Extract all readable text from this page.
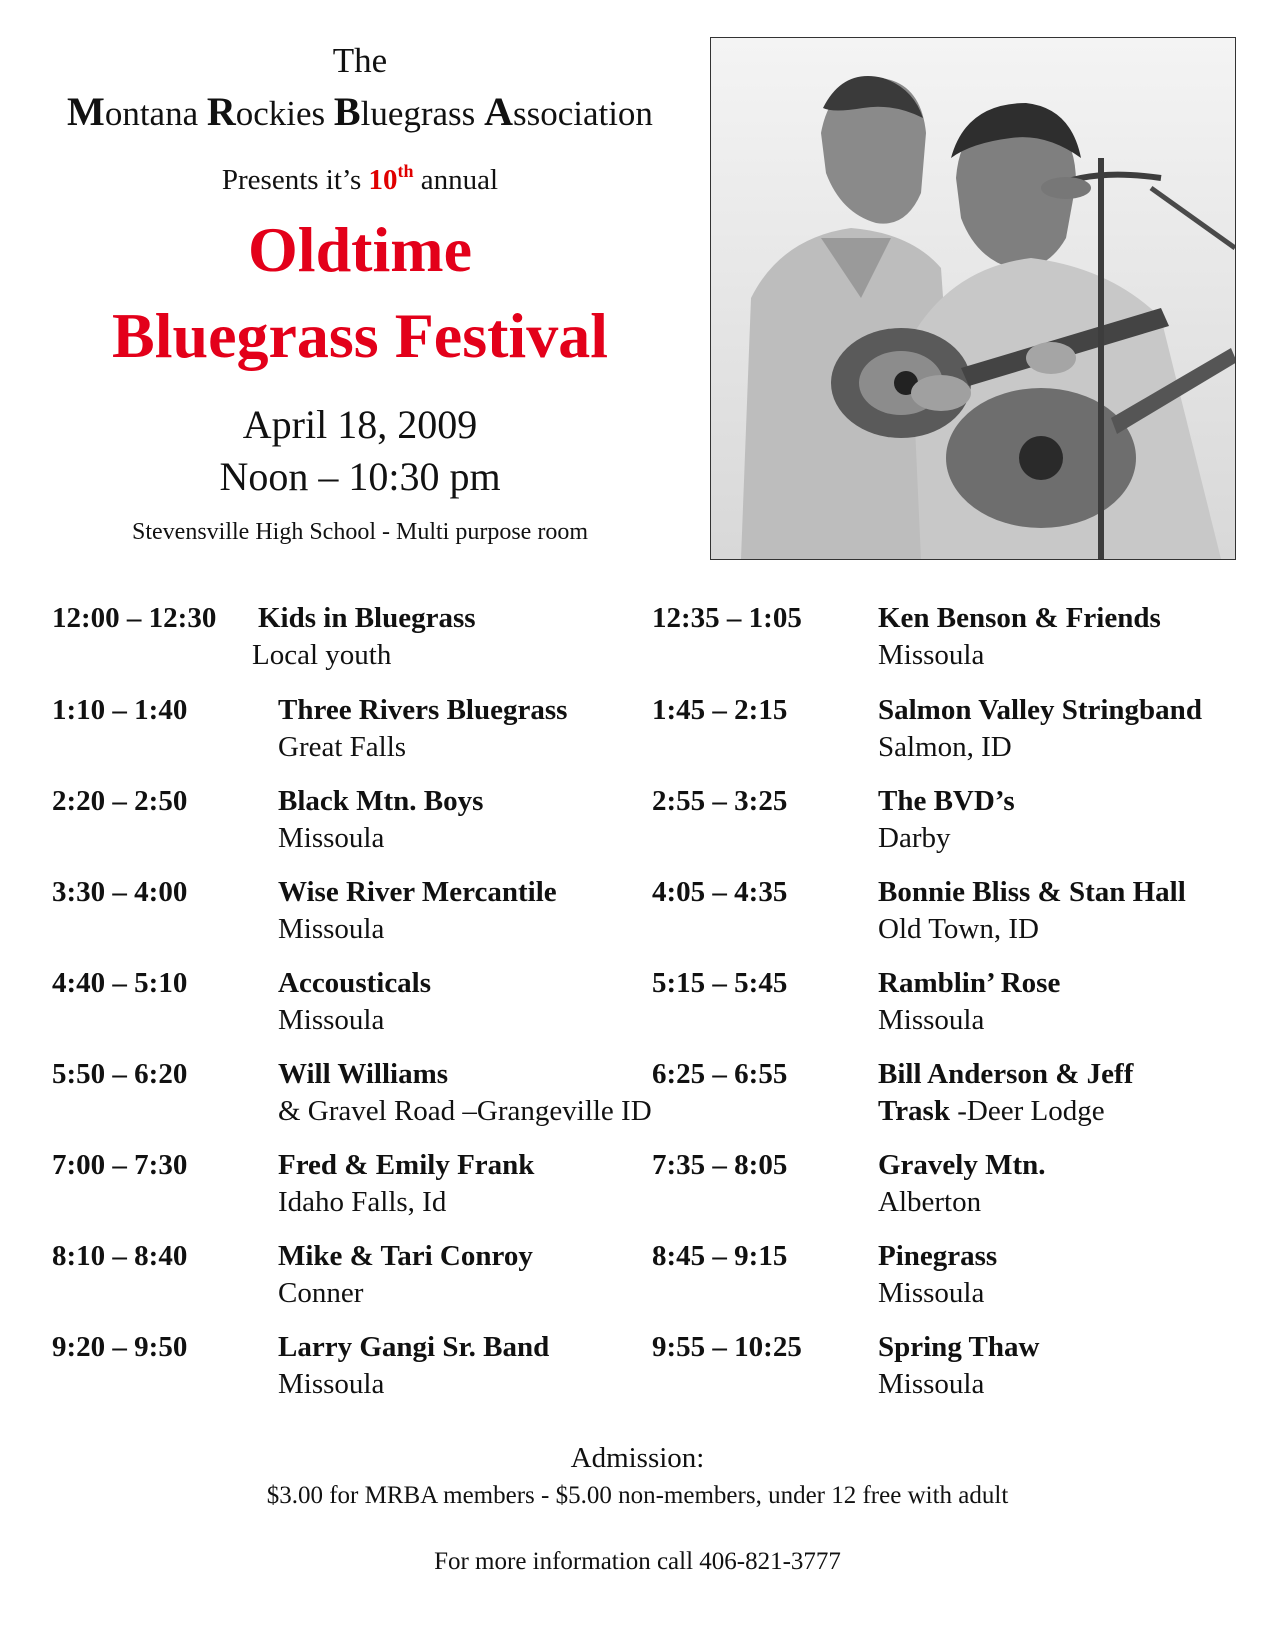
The
Montana Rockies Bluegrass Association
Presents it’s 10th annual
Oldtime
Bluegrass Festival
April 18, 2009
Noon – 10:30 pm
Stevensville High School - Multi purpose room
12:00 – 12:30 Kids in Bluegrass
Local youth
12:35 – 1:05	Ken Benson & Friends
Missoula
1:10 – 1:40	Three Rivers Bluegrass
Great Falls
1:45 – 2:15	Salmon Valley Stringband
Salmon, ID
2:20 – 2:50	Black Mtn. Boys
Missoula
2:55 – 3:25	The BVD’s
Darby
3:30 – 4:00	Wise River Mercantile
Missoula
4:05 – 4:35	Bonnie Bliss & Stan Hall
Old Town, ID
4:40 – 5:10	Accousticals
Missoula
5:15 – 5:45	Ramblin’ Rose
Missoula
5:50 – 6:20	Will Williams
& Gravel Road –Grangeville ID
6:25 – 6:55	Bill Anderson & Jeff
Trask -Deer Lodge
7:00 – 7:30	Fred & Emily Frank
Idaho Falls, Id
7:35 – 8:05	Gravely Mtn.
Alberton
8:10 – 8:40	Mike & Tari Conroy
Conner
8:45 – 9:15	Pinegrass
Missoula
9:20 – 9:50	Larry Gangi Sr. Band
Missoula
9:55 – 10:25	Spring Thaw
Missoula
Admission:
$3.00 for MRBA members - $5.00 non-members, under 12 free with adult
For more information call 406-821-3777
